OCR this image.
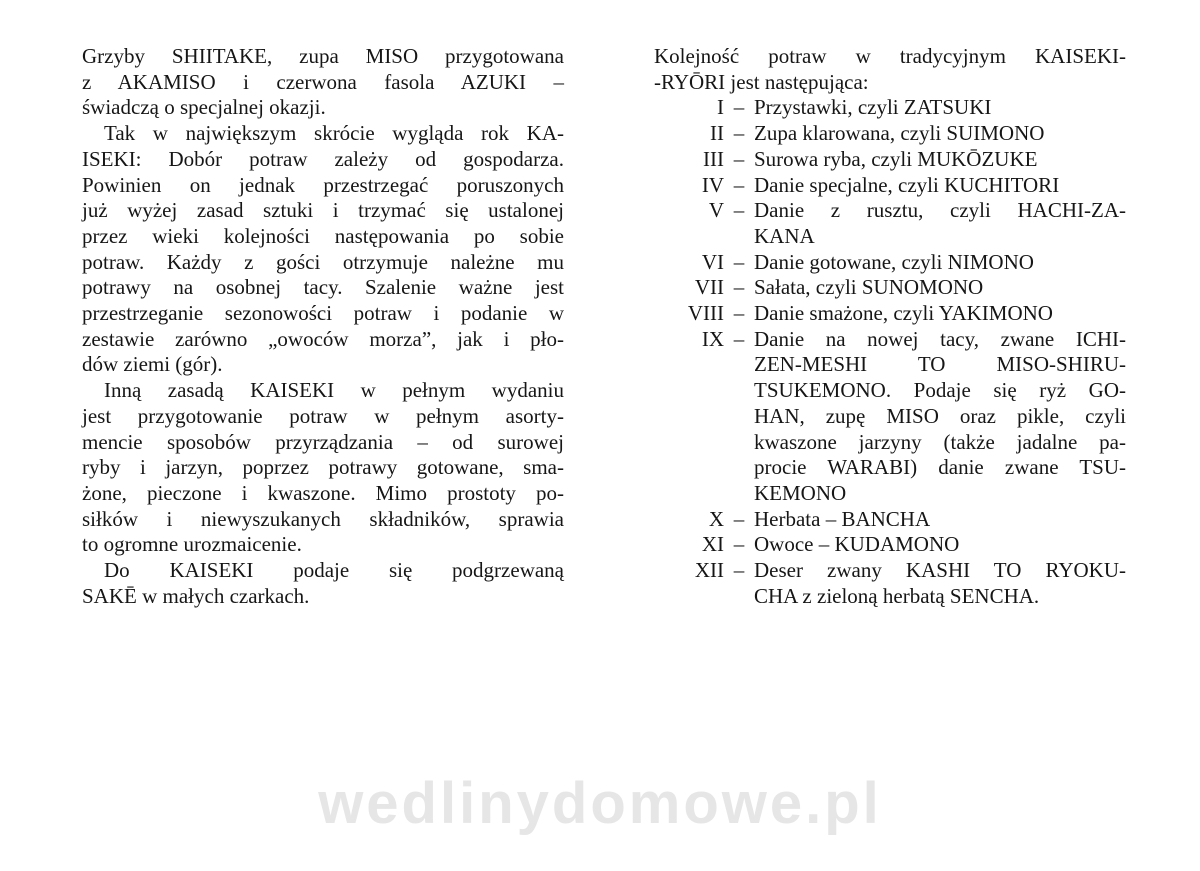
Grzyby SHIITAKE, zupa MISO przygotowana
z AKAMISO i czerwona fasola AZUKI –
świadczą o specjalnej okazji.

Tak w największym skrócie wygląda rok KA-
ISEKI: Dobór potraw zależy od gospodarza.
Powinien on jednak przestrzegać poruszonych
już wyżej zasad sztuki i trzymać się ustalonej
przez wieki kolejności następowania po sobie
potraw. Każdy z gości otrzymuje należne mu
potrawy na osobnej tacy. Szalenie ważne jest
przestrzeganie sezonowości potraw i podanie w
zestawie zarówno „owoców morza”, jak i pło-
dów ziemi (gór).

Inną zasadą KAISEKI w pełnym wydaniu
jest przygotowanie potraw w pełnym asorty-
mencie sposobów przyrządzania – od surowej
ryby i jarzyn, poprzez potrawy gotowane, sma-
żone, pieczone i kwaszone. Mimo prostoty po-
siłków i niewyszukanych składników, sprawia
to ogromne urozmaicenie.

Do KAISEKI podaje się podgrzewaną
SAKĒ w małych czarkach.

Kolejność potraw w tradycyjnym KAISEKI-
-RYŌRI jest następująca:

I – Przystawki, czyli ZATSUKI
II – Zupa klarowana, czyli SUIMONO
III – Surowa ryba, czyli MUKŌZUKE
IV – Danie specjalne, czyli KUCHITORI
V – Danie z rusztu, czyli HACHI-ZA-
KANA
VI – Danie gotowane, czyli NIMONO
VII – Sałata, czyli SUNOMONO
VIII – Danie smażone, czyli YAKIMONO
IX – Danie na nowej tacy, zwane ICHI-
ZEN-MESHI TO MISO-SHIRU-
TSUKEMONO. Podaje się ryż GO-
HAN, zupę MISO oraz pikle, czyli
kwaszone jarzyny (także jadalne pa-
procie WARABI) danie zwane TSU-
KEMONO
X – Herbata – BANCHA
XI – Owoce – KUDAMONO
XII – Deser zwany KASHI TO RYOKU-
CHA z zieloną herbatą SENCHA.
wedlinydomowe.pl
